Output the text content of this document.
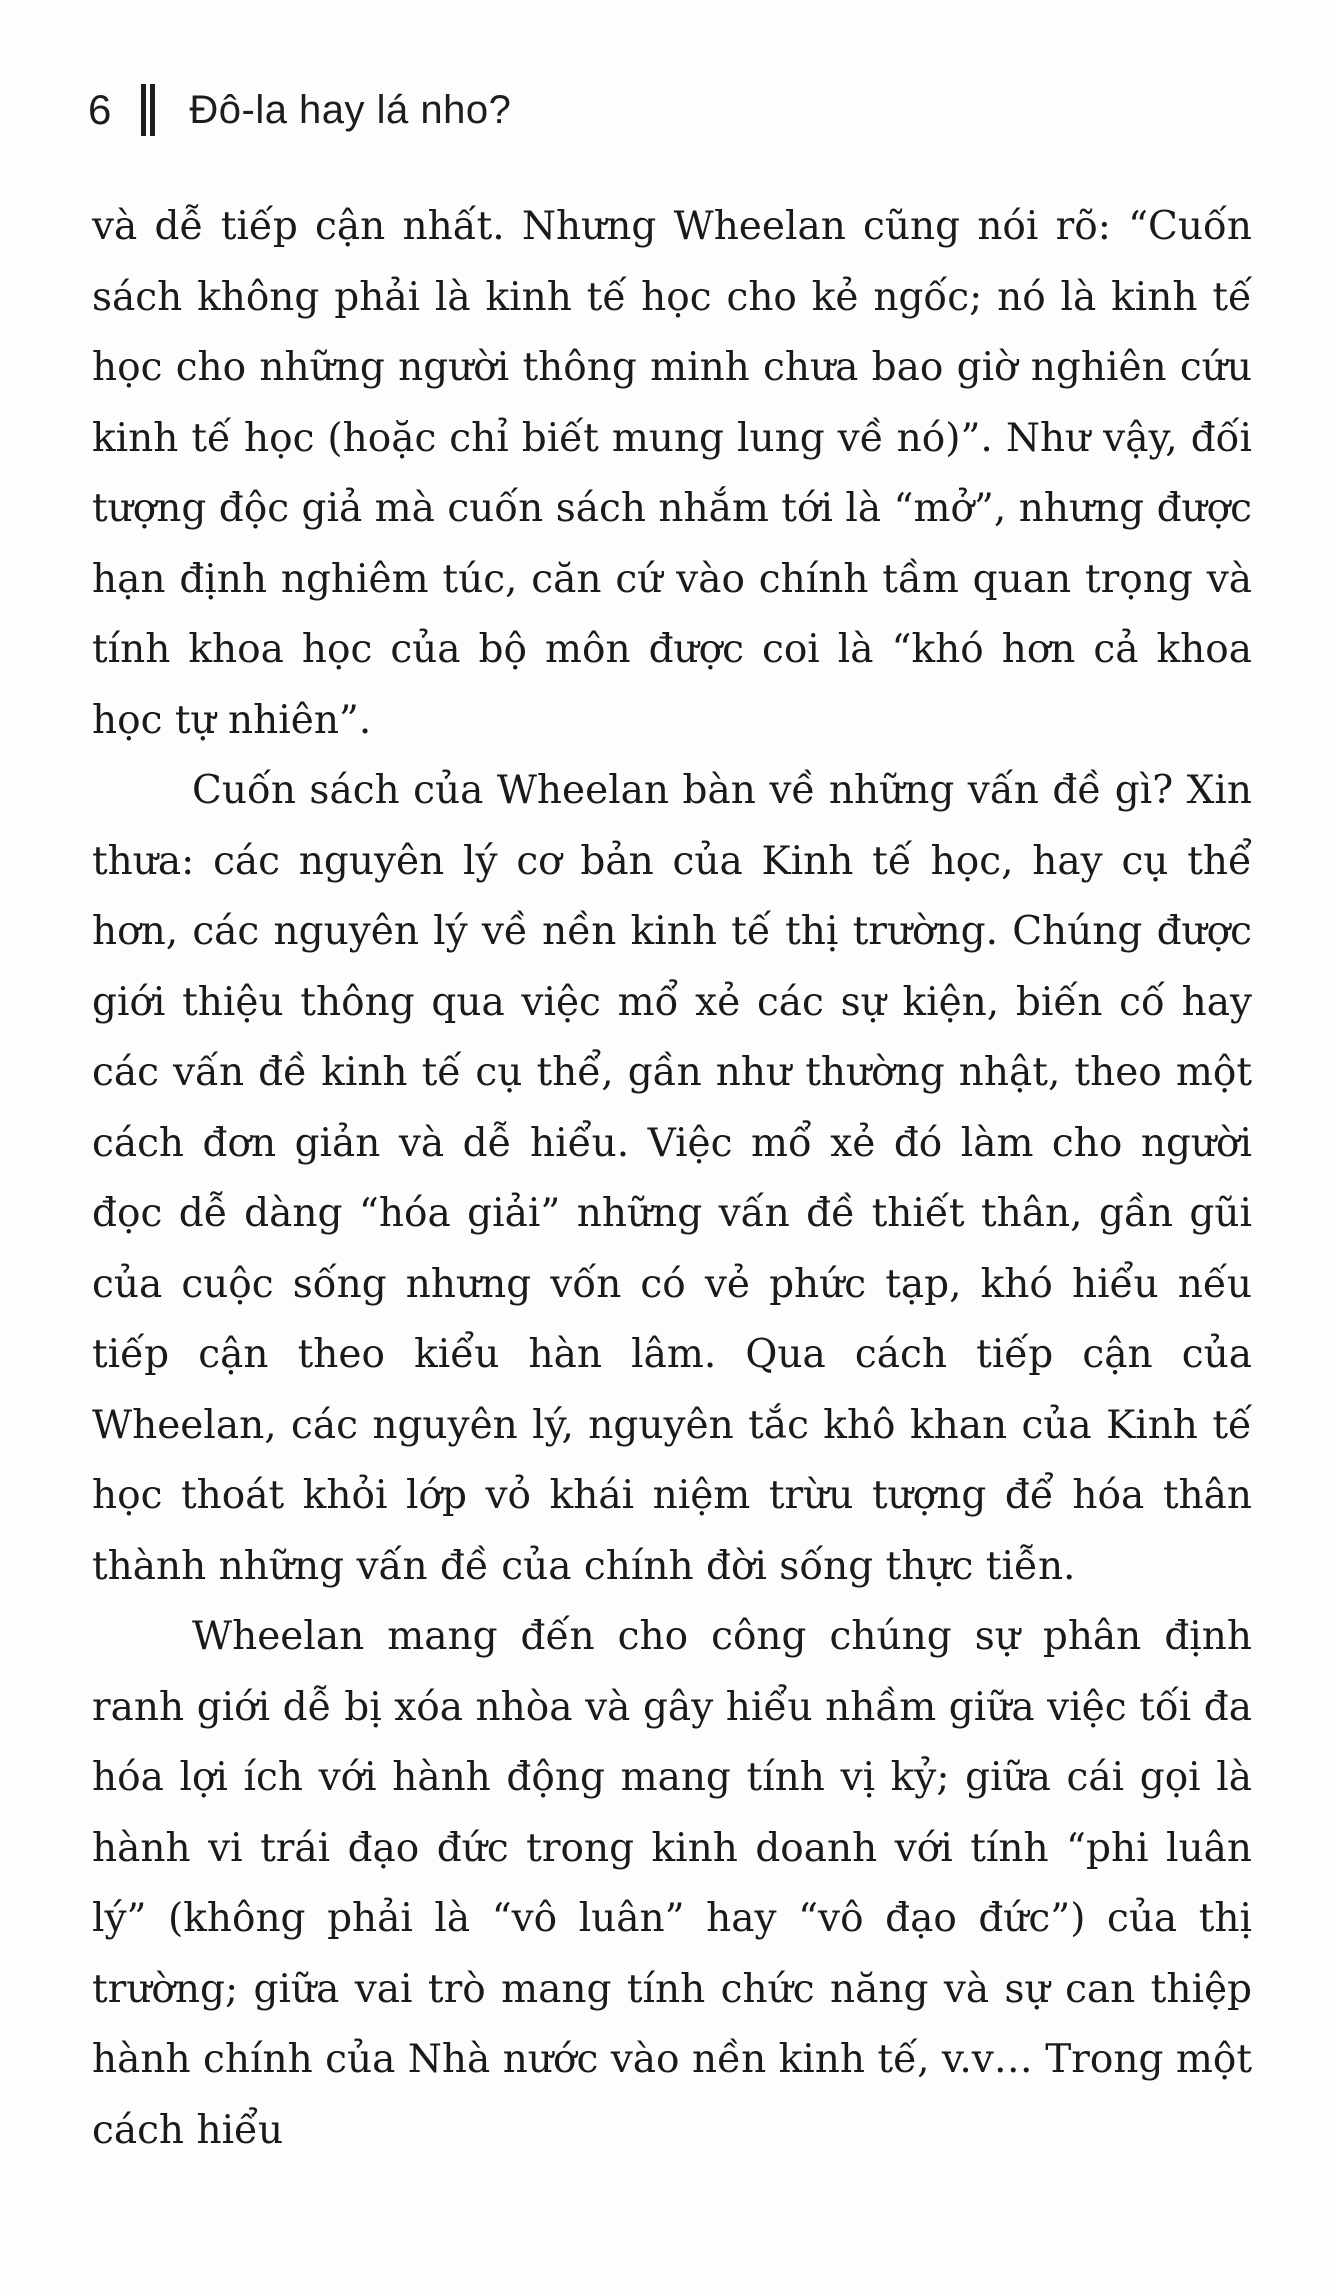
6 Đô-la hay lá nho?

và dễ tiếp cận nhất. Nhưng Wheelan cũng nói rõ: “Cuốn sách không phải là kinh tế học cho kẻ ngốc; nó là kinh tế học cho những người thông minh chưa bao giờ nghiên cứu kinh tế học (hoặc chỉ biết mung lung về nó)”. Như vậy, đối tượng độc giả mà cuốn sách nhắm tới là “mở”, nhưng được hạn định nghiêm túc, căn cứ vào chính tầm quan trọng và tính khoa học của bộ môn được coi là “khó hơn cả khoa học tự nhiên”.

Cuốn sách của Wheelan bàn về những vấn đề gì? Xin thưa: các nguyên lý cơ bản của Kinh tế học, hay cụ thể hơn, các nguyên lý về nền kinh tế thị trường. Chúng được giới thiệu thông qua việc mổ xẻ các sự kiện, biến cố hay các vấn đề kinh tế cụ thể, gần như thường nhật, theo một cách đơn giản và dễ hiểu. Việc mổ xẻ đó làm cho người đọc dễ dàng “hóa giải” những vấn đề thiết thân, gần gũi của cuộc sống nhưng vốn có vẻ phức tạp, khó hiểu nếu tiếp cận theo kiểu hàn lâm. Qua cách tiếp cận của Wheelan, các nguyên lý, nguyên tắc khô khan của Kinh tế học thoát khỏi lớp vỏ khái niệm trừu tượng để hóa thân thành những vấn đề của chính đời sống thực tiễn.

Wheelan mang đến cho công chúng sự phân định ranh giới dễ bị xóa nhòa và gây hiểu nhầm giữa việc tối đa hóa lợi ích với hành động mang tính vị kỷ; giữa cái gọi là hành vi trái đạo đức trong kinh doanh với tính “phi luân lý” (không phải là “vô luân” hay “vô đạo đức”) của thị trường; giữa vai trò mang tính chức năng và sự can thiệp hành chính của Nhà nước vào nền kinh tế, v.v… Trong một cách hiểu
